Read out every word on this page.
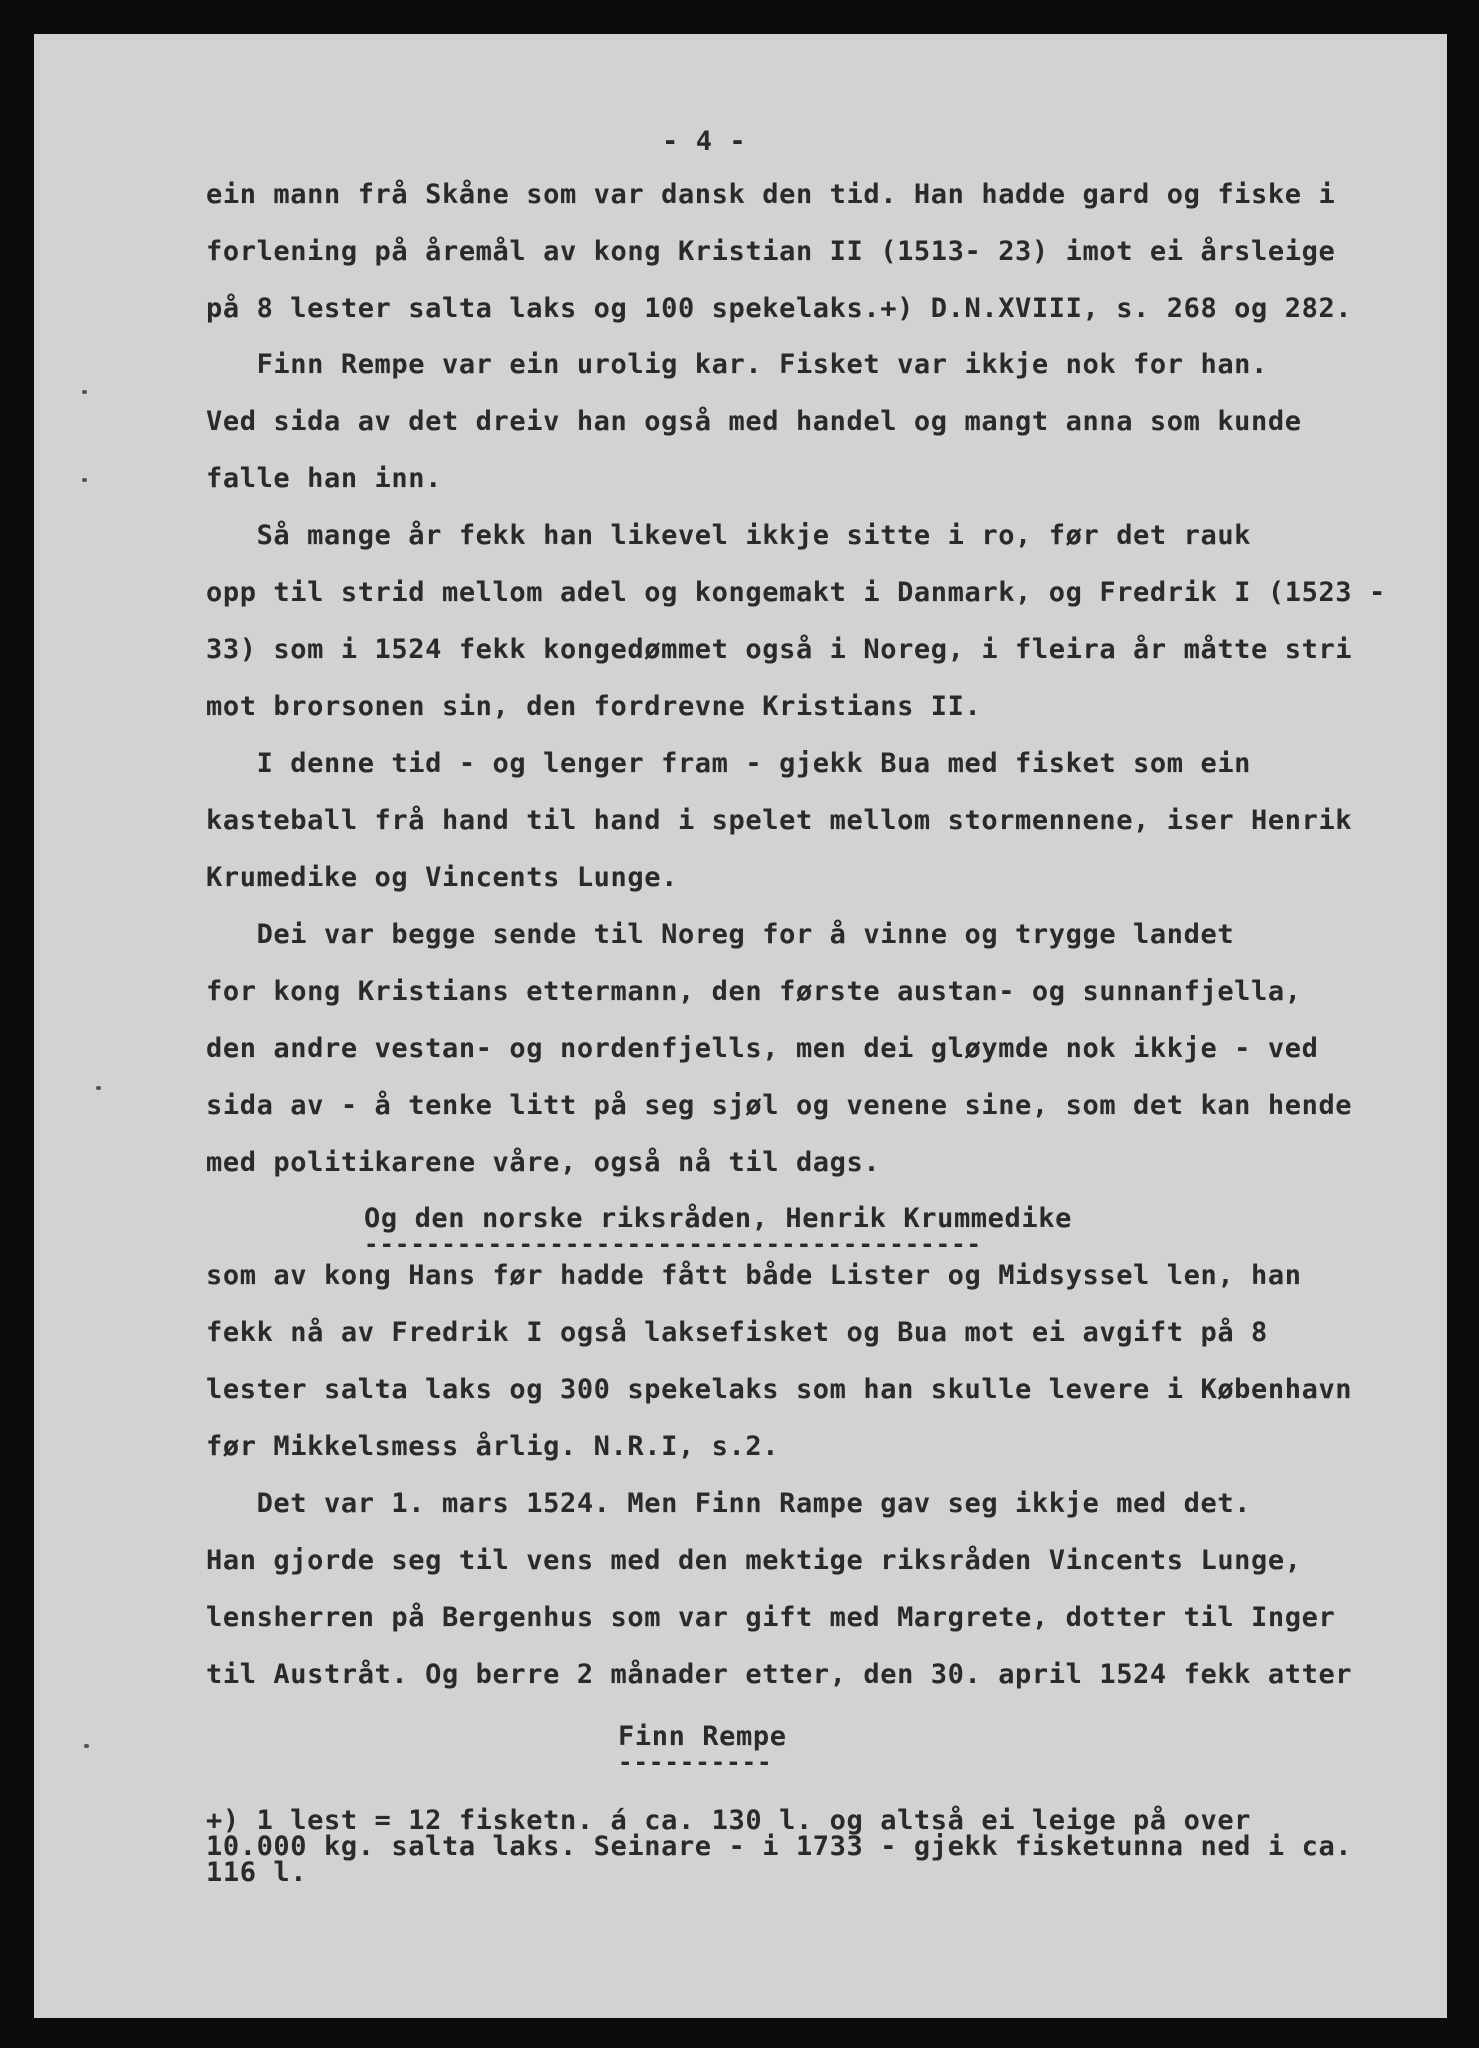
- 4 -
ein mann frå Skåne som var dansk den tid. Han hadde gard og fiske i
forlening på åremål av kong Kristian II (1513- 23) imot ei årsleige
på 8 lester salta laks og 100 spekelaks.+) D.N.XVIII, s. 268 og 282.
Finn Rempe var ein urolig kar. Fisket var ikkje nok for han.
Ved sida av det dreiv han også med handel og mangt anna som kunde
falle han inn.
Så mange år fekk han likevel ikkje sitte i ro, før det rauk
opp til strid mellom adel og kongemakt i Danmark, og Fredrik I (1523 -
33) som i 1524 fekk kongedømmet også i Noreg, i fleira år måtte stri
mot brorsonen sin, den fordrevne Kristians II.
I denne tid - og lenger fram - gjekk Bua med fisket som ein
kasteball frå hand til hand i spelet mellom stormennene, iser Henrik
Krumedike og Vincents Lunge.
Dei var begge sende til Noreg for å vinne og trygge landet
for kong Kristians ettermann, den første austan- og sunnanfjella,
den andre vestan- og nordenfjells, men dei gløymde nok ikkje - ved
sida av - å tenke litt på seg sjøl og venene sine, som det kan hende
med politikarene våre, også nå til dags.
Og den norske riksråden, Henrik Krummedike
----------------------------------------
som av kong Hans før hadde fått både Lister og Midsyssel len, han
fekk nå av Fredrik I også laksefisket og Bua mot ei avgift på 8
lester salta laks og 300 spekelaks som han skulle levere i København
før Mikkelsmess årlig. N.R.I, s.2.
Det var 1. mars 1524. Men Finn Rampe gav seg ikkje med det.
Han gjorde seg til vens med den mektige riksråden Vincents Lunge,
lensherren på Bergenhus som var gift med Margrete, dotter til Inger
til Austråt. Og berre 2 månader etter, den 30. april 1524 fekk atter
Finn Rempe
----------
+) 1 lest = 12 fisketn. á ca. 130 l. og altså ei leige på over
10.000 kg. salta laks. Seinare - i 1733 - gjekk fisketunna ned i ca.
116 l.
